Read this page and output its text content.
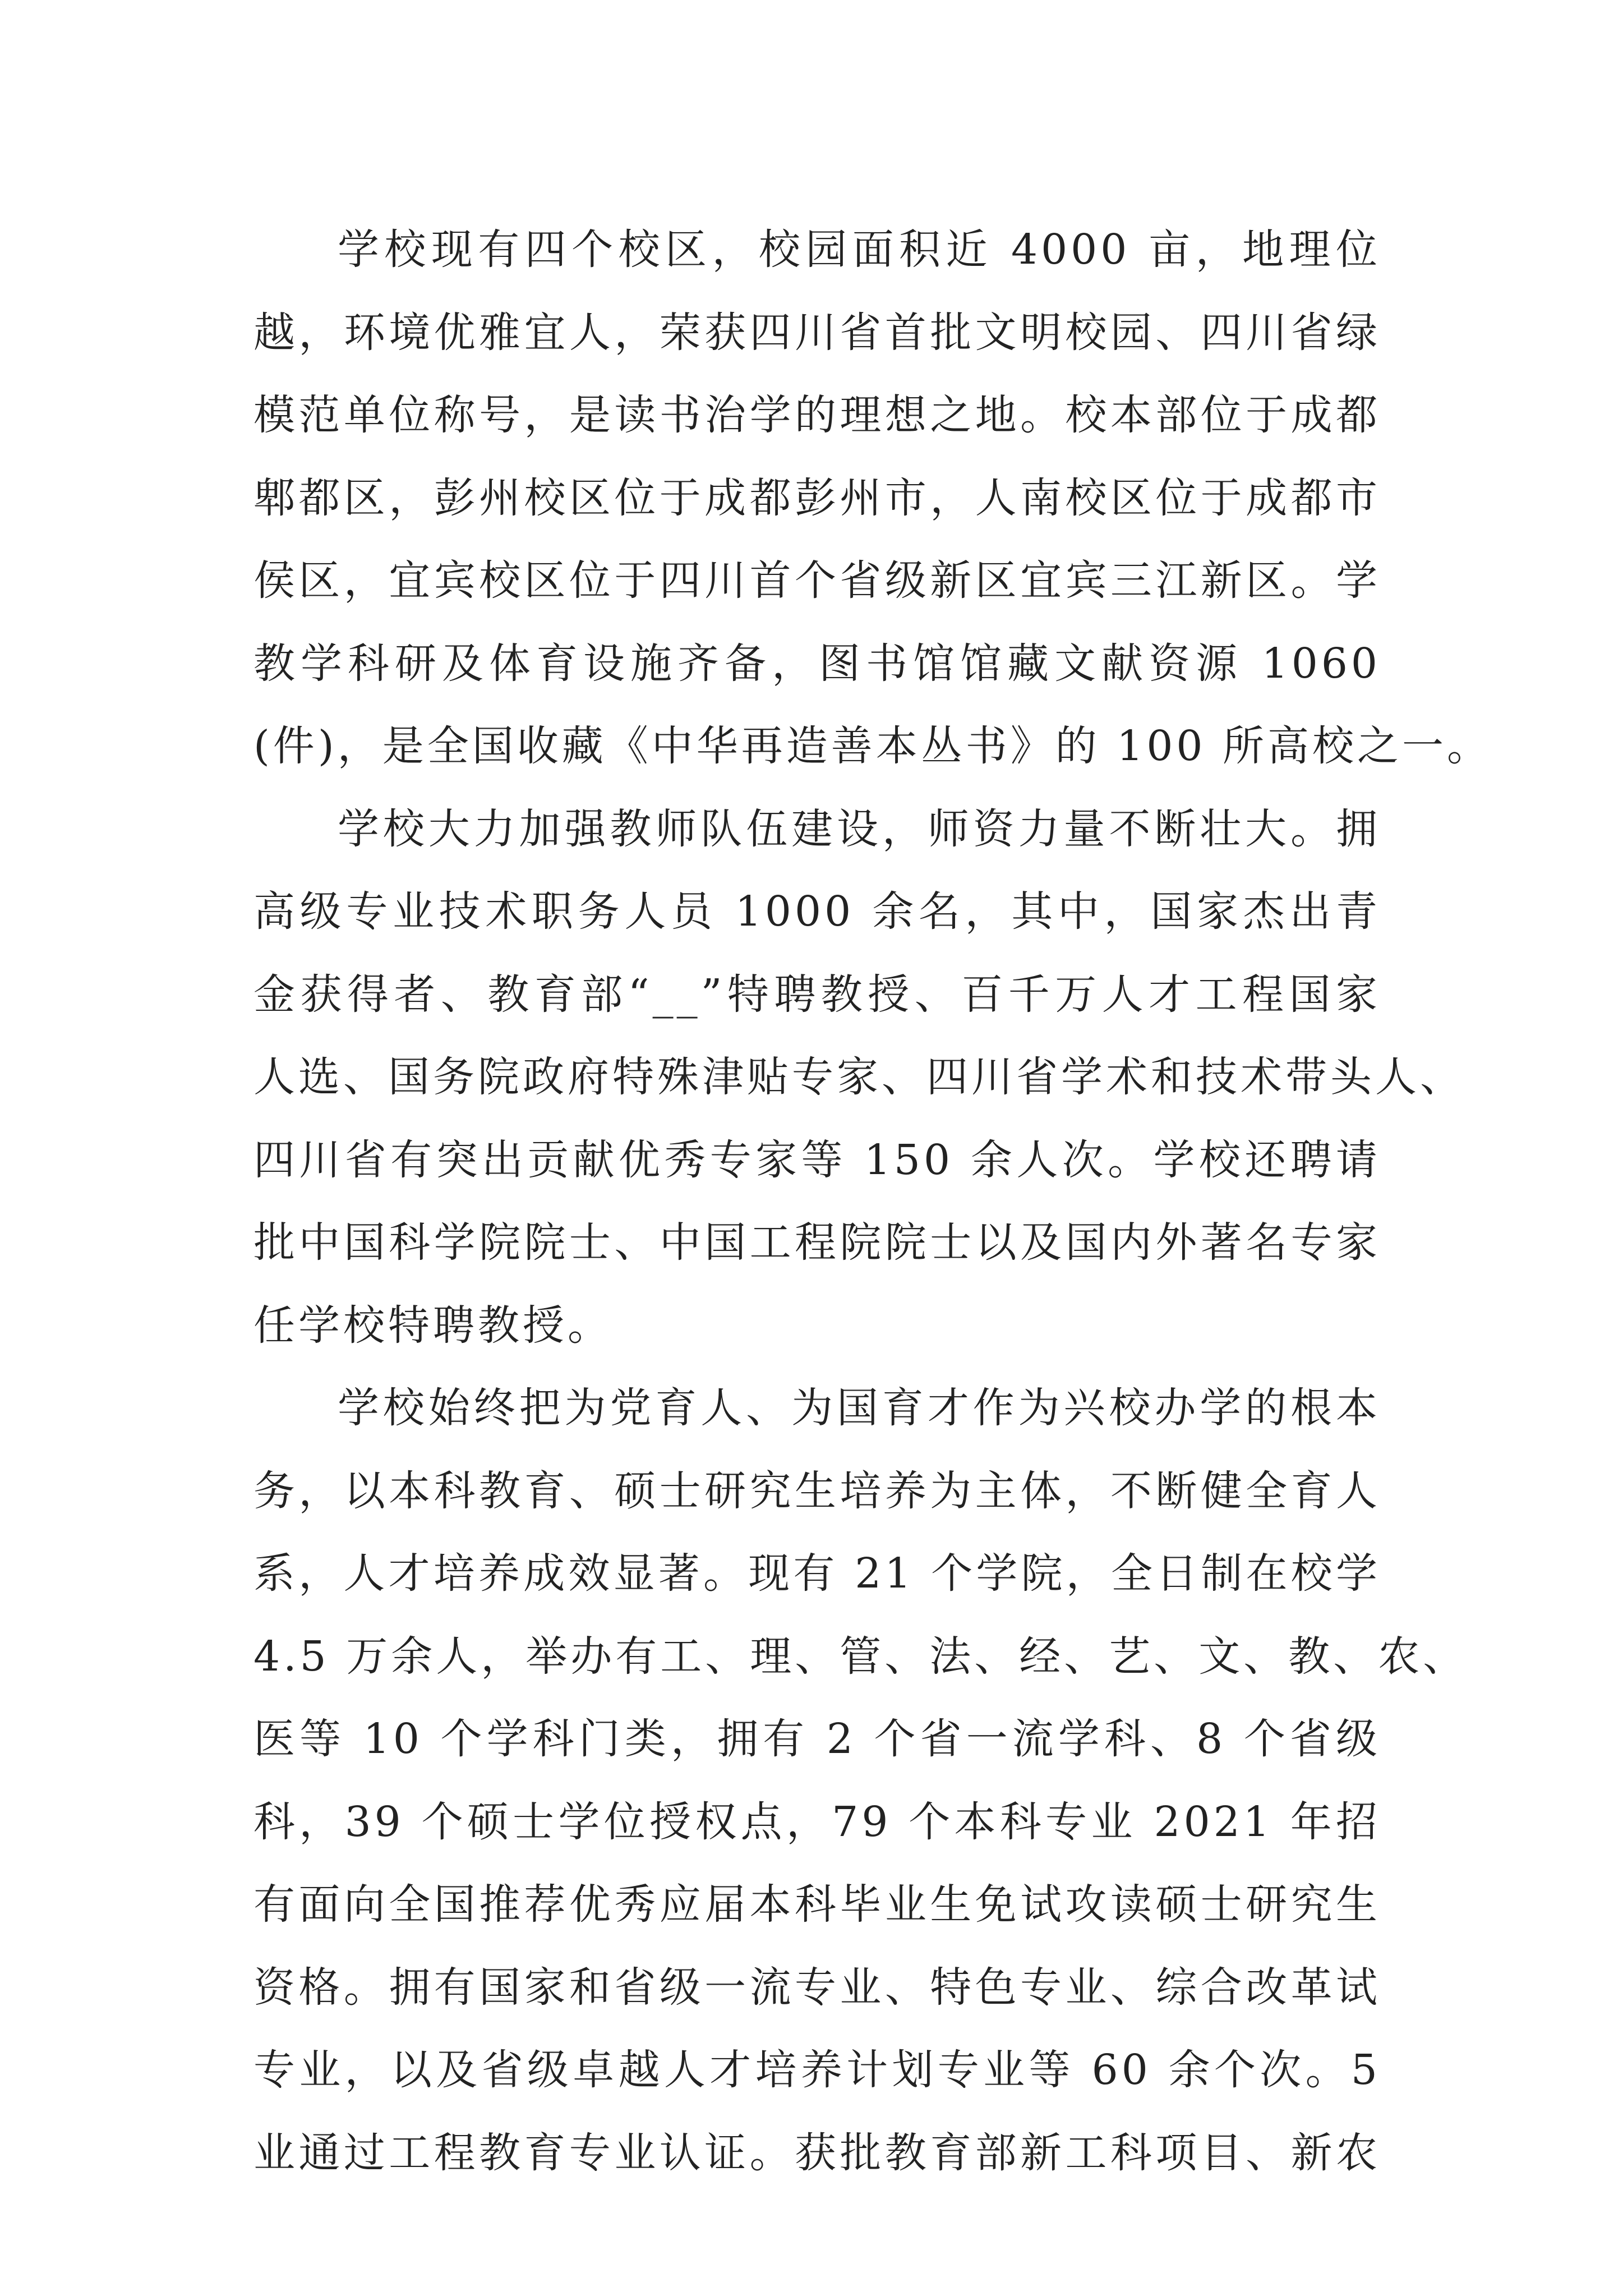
学校现有四个校区，校园面积近 4000 亩，地理位
越，环境优雅宜人，荣获四川省首批文明校园、四川省绿
模范单位称号，是读书治学的理想之地。校本部位于成都
郫都区，彭州校区位于成都彭州市，人南校区位于成都市
侯区，宜宾校区位于四川首个省级新区宜宾三江新区。学
教学科研及体育设施齐备，图书馆馆藏文献资源 1060
(件)，是全国收藏《中华再造善本丛书》的 100 所高校之一。
学校大力加强教师队伍建设，师资力量不断壮大。拥
高级专业技术职务人员 1000 余名，其中，国家杰出青
金获得者、教育部“__”特聘教授、百千万人才工程国家
人选、国务院政府特殊津贴专家、四川省学术和技术带头人、
四川省有突出贡献优秀专家等 150 余人次。学校还聘请
批中国科学院院士、中国工程院院士以及国内外著名专家
任学校特聘教授。
学校始终把为党育人、为国育才作为兴校办学的根本
务，以本科教育、硕士研究生培养为主体，不断健全育人
系，人才培养成效显著。现有 21 个学院，全日制在校学
4.5 万余人，举办有工、理、管、法、经、艺、文、教、农、
医等 10 个学科门类，拥有 2 个省一流学科、8 个省级
科，39 个硕士学位授权点，79 个本科专业 2021 年招
有面向全国推荐优秀应届本科毕业生免试攻读硕士研究生
资格。拥有国家和省级一流专业、特色专业、综合改革试
专业，以及省级卓越人才培养计划专业等 60 余个次。5
业通过工程教育专业认证。获批教育部新工科项目、新农
